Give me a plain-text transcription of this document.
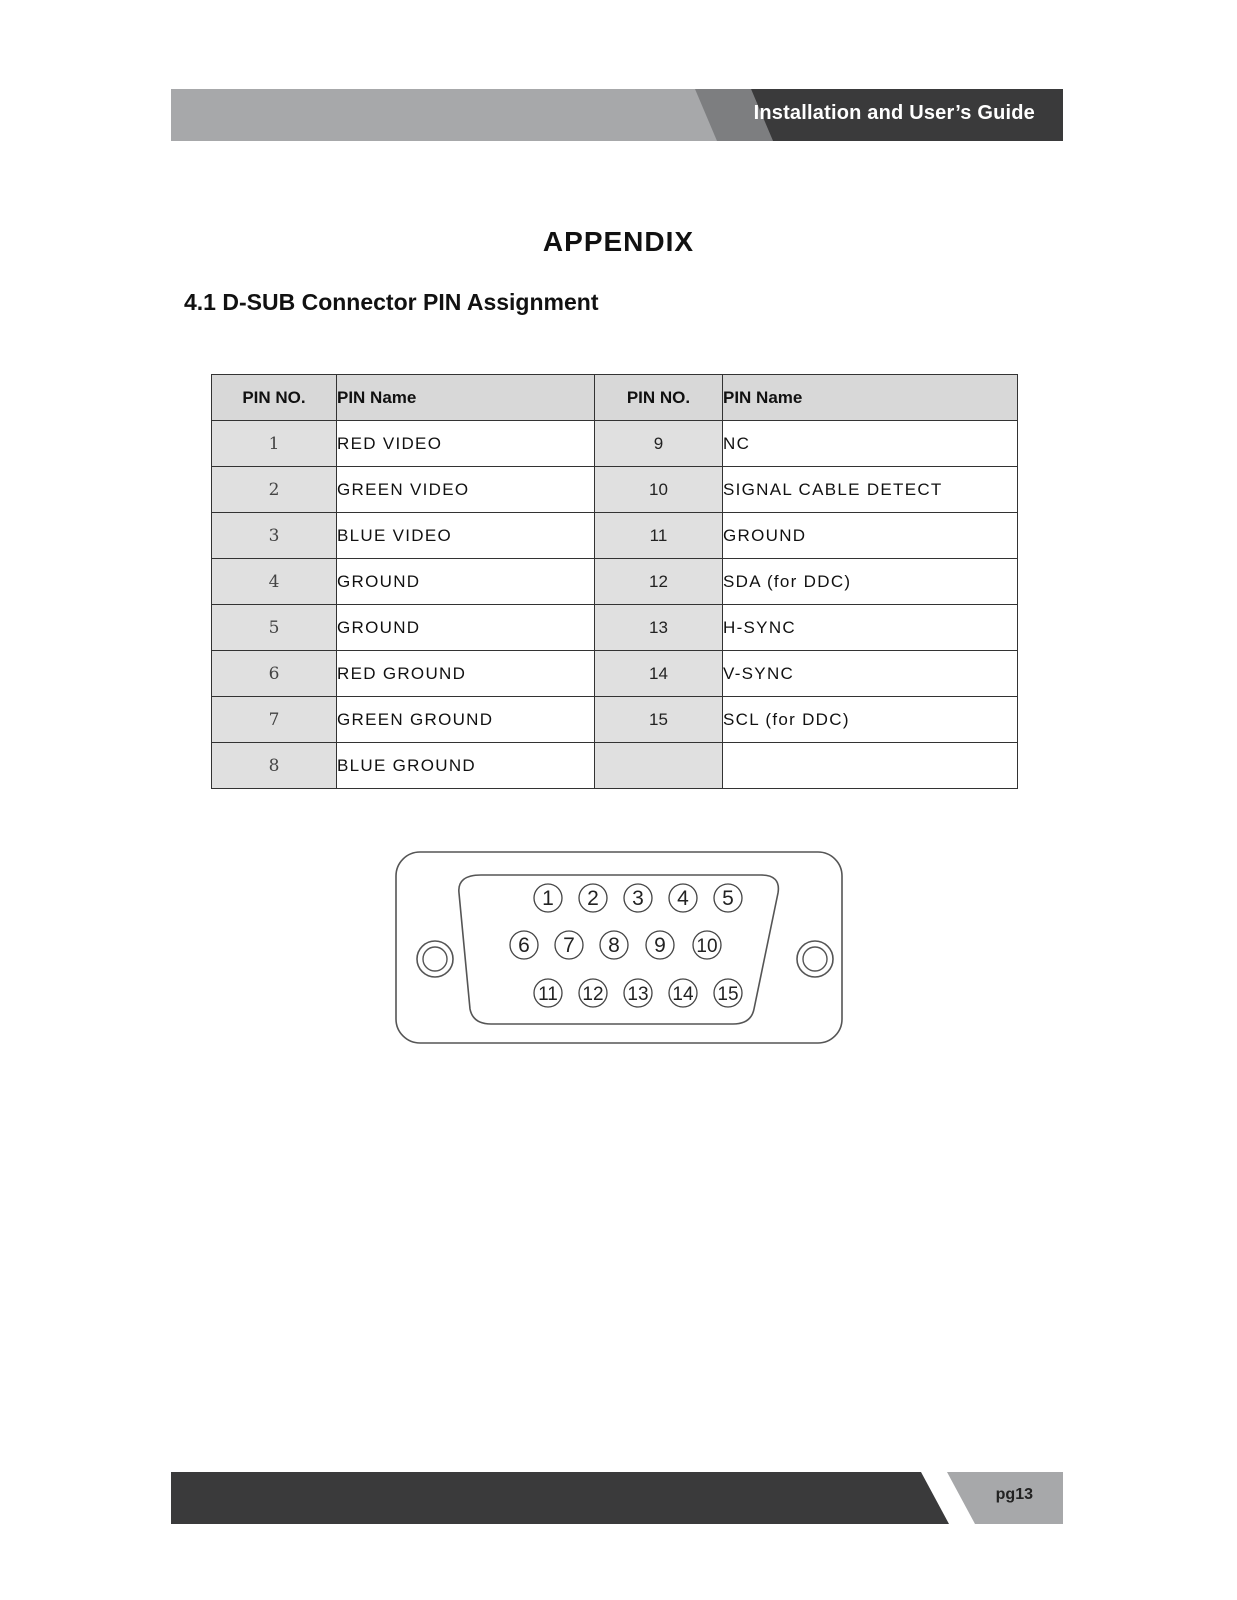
Installation and User’s Guide
APPENDIX
4.1 D-SUB Connector PIN Assignment
PIN NO.	PIN Name	PIN NO.	PIN Name
1	RED VIDEO	9	NC
2	GREEN VIDEO	10	SIGNAL CABLE DETECT
3	BLUE VIDEO	11	GROUND
4	GROUND	12	SDA (for DDC)
5	GROUND	13	H-SYNC
6	RED GROUND	14	V-SYNC
7	GREEN GROUND	15	SCL (for DDC)
8	BLUE GROUND		
1 2 3 4 5
6 7 8 9 10
11 12 13 14 15
pg13
